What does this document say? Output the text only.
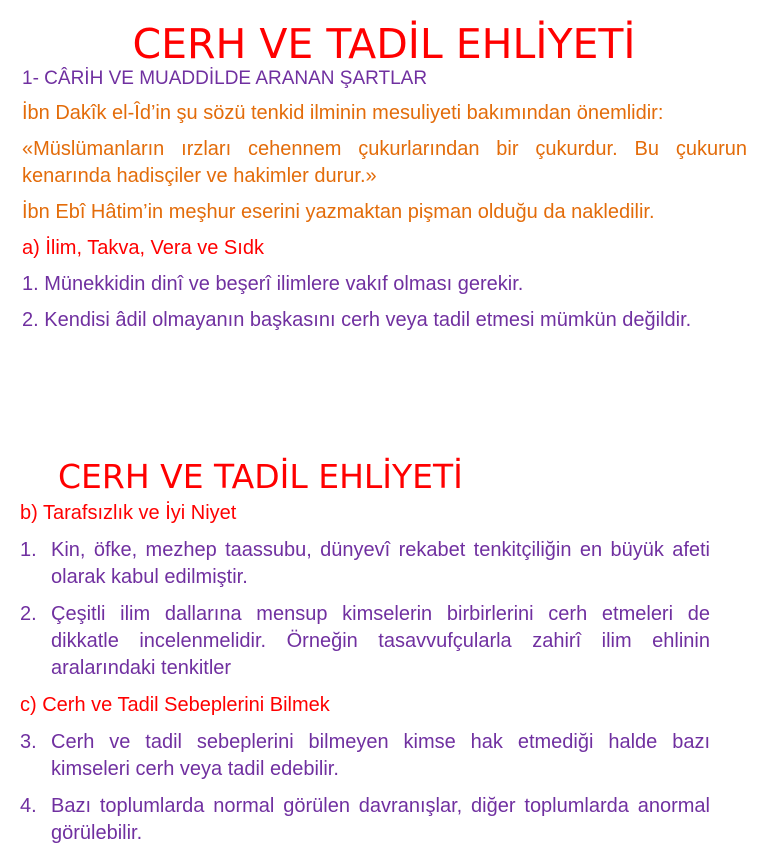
CERH VE TADİL EHLİYETİ
1- CÂRİH VE MUADDİLDE ARANAN ŞARTLAR

İbn Dakîk el-Îd’in şu sözü tenkid ilminin mesuliyeti bakımından önemlidir:

«Müslümanların ırzları cehennem çukurlarından bir çukurdur. Bu çukurun kenarında hadisçiler ve hakimler durur.»

İbn Ebî Hâtim’in meşhur eserini yazmaktan pişman olduğu da nakledilir.

a) İlim, Takva, Vera ve Sıdk

1. Münekkidin dinî ve beşerî ilimlere vakıf olması gerekir.

2. Kendisi âdil olmayanın başkasını cerh veya tadil etmesi mümkün değildir.

CERH VE TADİL EHLİYETİ

b) Tarafsızlık ve İyi Niyet

1. Kin, öfke, mezhep taassubu, dünyevî rekabet tenkitçiliğin en büyük afeti olarak kabul edilmiştir.
2. Çeşitli ilim dallarına mensup kimselerin birbirlerini cerh etmeleri de dikkatle incelenmelidir. Örneğin tasavvufçularla zahirî ilim ehlinin aralarındaki tenkitler

c) Cerh ve Tadil Sebeplerini Bilmek

3. Cerh ve tadil sebeplerini bilmeyen kimse hak etmediği halde bazı kimseleri cerh veya tadil edebilir.
4. Bazı toplumlarda normal görülen davranışlar, diğer toplumlarda anormal görülebilir.
